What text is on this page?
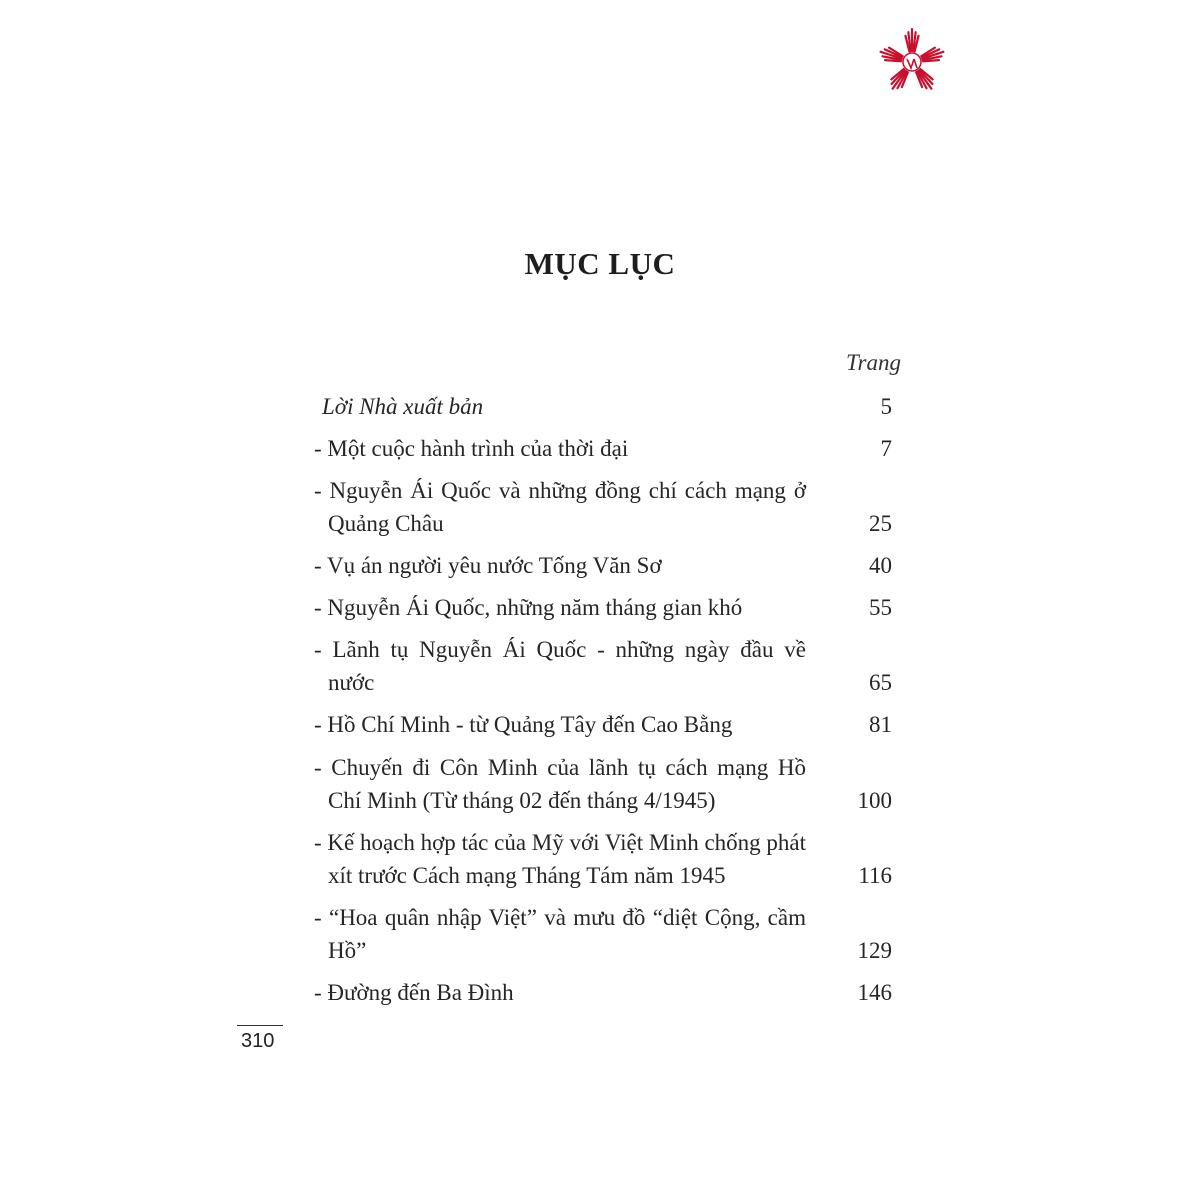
MỤC LỤC
Trang
Lời Nhà xuất bản	5
- Một cuộc hành trình của thời đại	7
- Nguyễn Ái Quốc và những đồng chí cách mạng ở Quảng Châu	25
- Vụ án người yêu nước Tống Văn Sơ	40
- Nguyễn Ái Quốc, những năm tháng gian khó	55
- Lãnh tụ Nguyễn Ái Quốc - những ngày đầu về nước	65
- Hồ Chí Minh - từ Quảng Tây đến Cao Bằng	81
- Chuyến đi Côn Minh của lãnh tụ cách mạng Hồ Chí Minh (Từ tháng 02 đến tháng 4/1945)	100
- Kế hoạch hợp tác của Mỹ với Việt Minh chống phát xít trước Cách mạng Tháng Tám năm 1945	116
- “Hoa quân nhập Việt” và mưu đồ “diệt Cộng, cầm Hồ”	129
- Đường đến Ba Đình	146
310
